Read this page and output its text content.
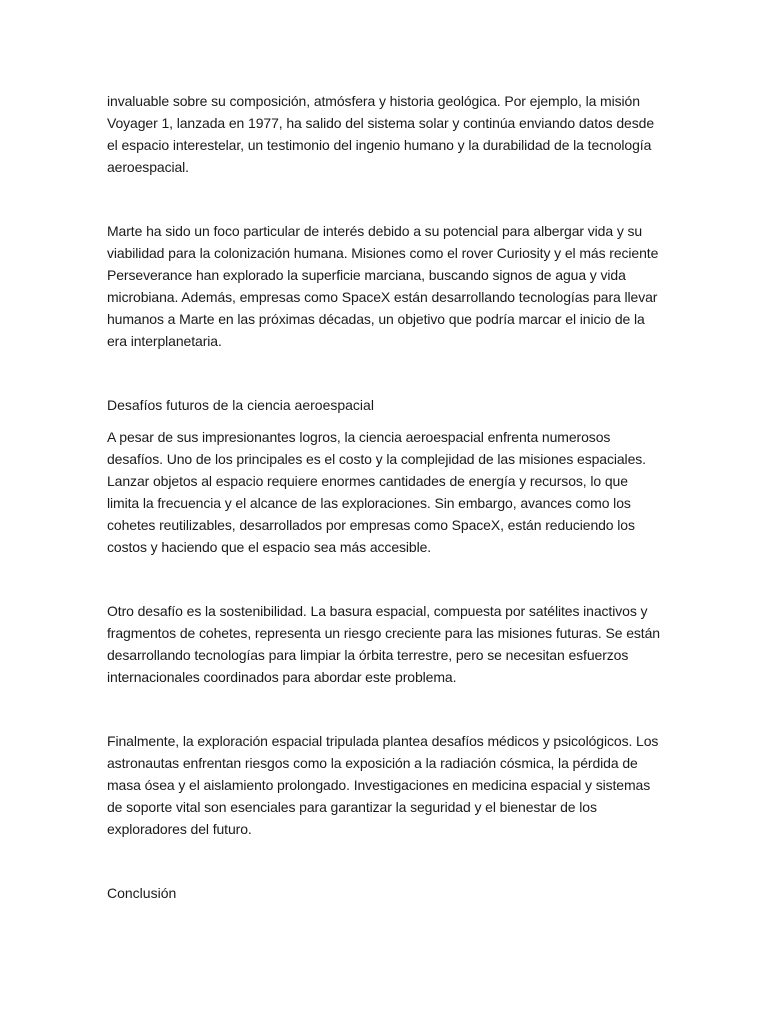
invaluable sobre su composición, atmósfera y historia geológica. Por ejemplo, la misión Voyager 1, lanzada en 1977, ha salido del sistema solar y continúa enviando datos desde el espacio interestelar, un testimonio del ingenio humano y la durabilidad de la tecnología aeroespacial.

Marte ha sido un foco particular de interés debido a su potencial para albergar vida y su viabilidad para la colonización humana. Misiones como el rover Curiosity y el más reciente Perseverance han explorado la superficie marciana, buscando signos de agua y vida microbiana. Además, empresas como SpaceX están desarrollando tecnologías para llevar humanos a Marte en las próximas décadas, un objetivo que podría marcar el inicio de la era interplanetaria.

Desafíos futuros de la ciencia aeroespacial

A pesar de sus impresionantes logros, la ciencia aeroespacial enfrenta numerosos desafíos. Uno de los principales es el costo y la complejidad de las misiones espaciales. Lanzar objetos al espacio requiere enormes cantidades de energía y recursos, lo que limita la frecuencia y el alcance de las exploraciones. Sin embargo, avances como los cohetes reutilizables, desarrollados por empresas como SpaceX, están reduciendo los costos y haciendo que el espacio sea más accesible.

Otro desafío es la sostenibilidad. La basura espacial, compuesta por satélites inactivos y fragmentos de cohetes, representa un riesgo creciente para las misiones futuras. Se están desarrollando tecnologías para limpiar la órbita terrestre, pero se necesitan esfuerzos internacionales coordinados para abordar este problema.

Finalmente, la exploración espacial tripulada plantea desafíos médicos y psicológicos. Los astronautas enfrentan riesgos como la exposición a la radiación cósmica, la pérdida de masa ósea y el aislamiento prolongado. Investigaciones en medicina espacial y sistemas de soporte vital son esenciales para garantizar la seguridad y el bienestar de los exploradores del futuro.

Conclusión
